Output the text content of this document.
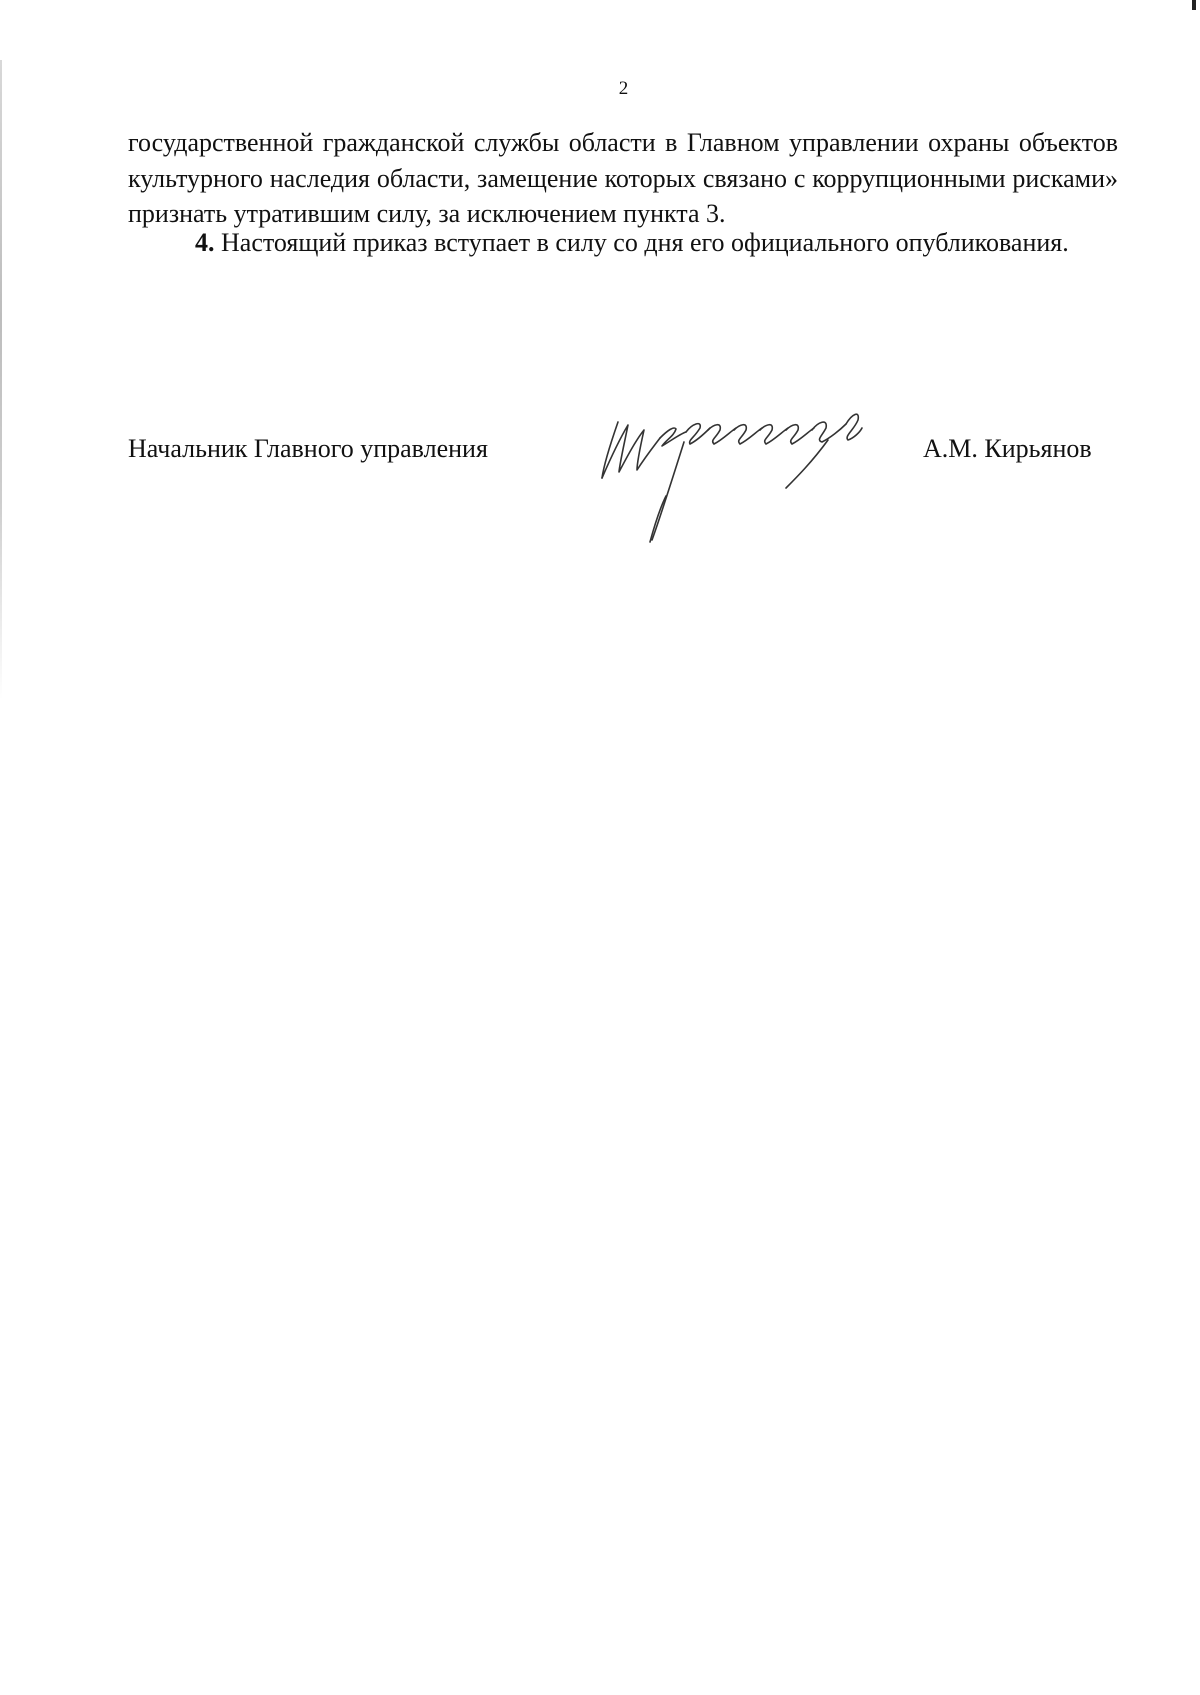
2

государственной гражданской службы области в Главном управлении охраны объектов культурного наследия области, замещение которых связано с коррупционными рисками» признать утратившим силу, за исключением пункта 3.

4. Настоящий приказ вступает в силу со дня его официального опубликования.

Начальник Главного управления	А.М. Кирьянов
